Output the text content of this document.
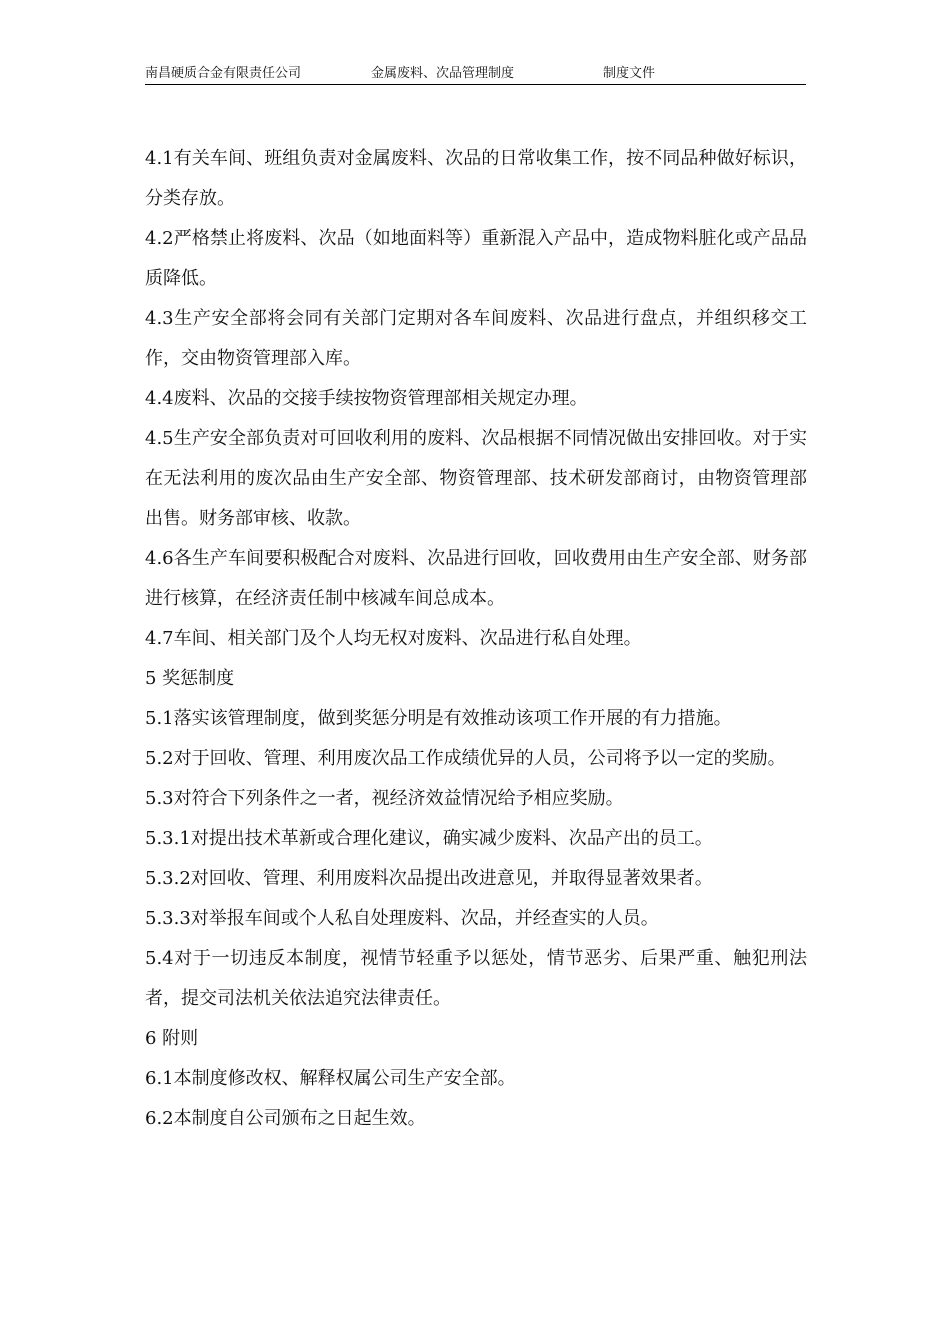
南昌硬质合金有限责任公司	金属废料、次品管理制度	制度文件

4.1有关车间、班组负责对金属废料、次品的日常收集工作，按不同品种做好标识，分类存放。

4.2严格禁止将废料、次品（如地面料等）重新混入产品中，造成物料脏化或产品品质降低。

4.3生产安全部将会同有关部门定期对各车间废料、次品进行盘点，并组织移交工作，交由物资管理部入库。

4.4废料、次品的交接手续按物资管理部相关规定办理。

4.5生产安全部负责对可回收利用的废料、次品根据不同情况做出安排回收。对于实在无法利用的废次品由生产安全部、物资管理部、技术研发部商讨，由物资管理部出售。财务部审核、收款。

4.6各生产车间要积极配合对废料、次品进行回收，回收费用由生产安全部、财务部进行核算，在经济责任制中核减车间总成本。

4.7车间、相关部门及个人均无权对废料、次品进行私自处理。

5 奖惩制度

5.1落实该管理制度，做到奖惩分明是有效推动该项工作开展的有力措施。

5.2对于回收、管理、利用废次品工作成绩优异的人员，公司将予以一定的奖励。

5.3对符合下列条件之一者，视经济效益情况给予相应奖励。

5.3.1对提出技术革新或合理化建议，确实减少废料、次品产出的员工。

5.3.2对回收、管理、利用废料次品提出改进意见，并取得显著效果者。

5.3.3对举报车间或个人私自处理废料、次品，并经查实的人员。

5.4对于一切违反本制度，视情节轻重予以惩处，情节恶劣、后果严重、触犯刑法者，提交司法机关依法追究法律责任。

6 附则

6.1本制度修改权、解释权属公司生产安全部。

6.2本制度自公司颁布之日起生效。
